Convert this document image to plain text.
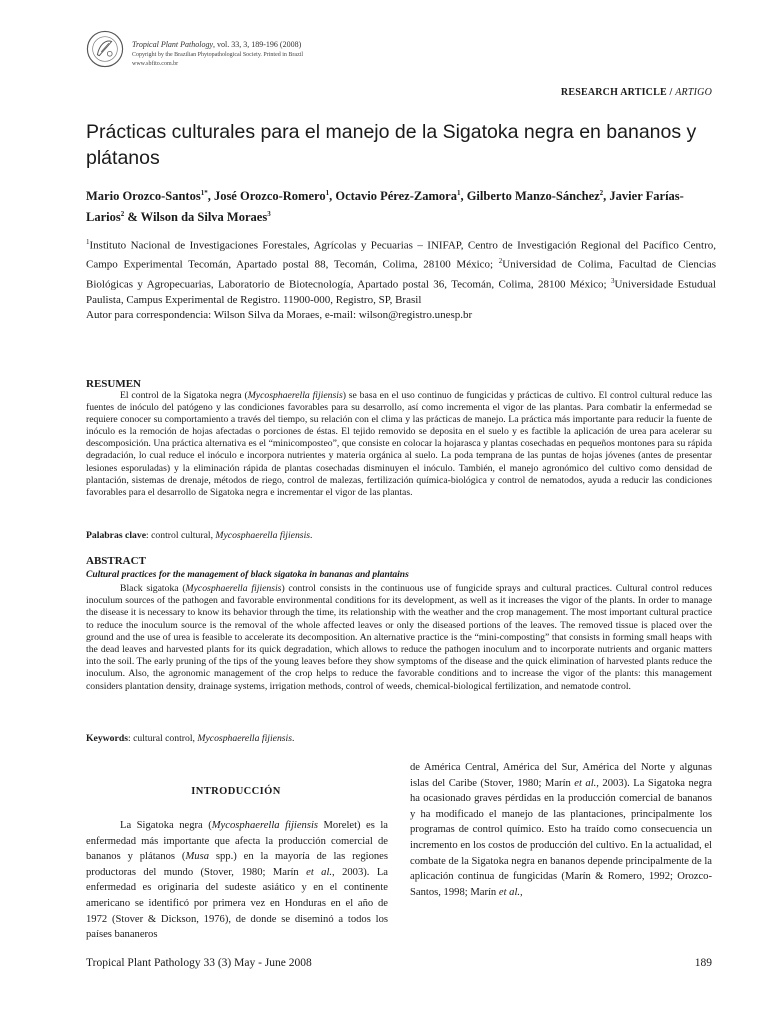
Tropical Plant Pathology, vol. 33, 3, 189-196 (2008)
Copyright by the Brazilian Phytopathological Society. Printed in Brazil
www.sbfito.com.br
RESEARCH ARTICLE / ARTIGO
Prácticas culturales para el manejo de la Sigatoka negra en bananos y plátanos
Mario Orozco-Santos$^{1*}$, José Orozco-Romero$^1$, Octavio Pérez-Zamora$^1$, Gilberto Manzo-Sánchez$^2$, Javier Farías-Larios$^2$ & Wilson da Silva Moraes$^3$
$^1$Instituto Nacional de Investigaciones Forestales, Agrícolas y Pecuarias – INIFAP, Centro de Investigación Regional del Pacífico Centro, Campo Experimental Tecomán, Apartado postal 88, Tecomán, Colima, 28100 México; $^2$Universidad de Colima, Facultad de Ciencias Biológicas y Agropecuarias, Laboratorio de Biotecnología, Apartado postal 36, Tecomán, Colima, 28100 México; $^3$Universidade Estudual Paulista, Campus Experimental de Registro. 11900-000, Registro, SP, Brasil
Autor para correspondencia: Wilson Silva da Moraes, e-mail: wilson@registro.unesp.br
RESUMEN

El control de la Sigatoka negra (Mycosphaerella fijiensis) se basa en el uso continuo de fungicidas y prácticas de cultivo. El control cultural reduce las fuentes de inóculo del patógeno y las condiciones favorables para su desarrollo, así como incrementa el vigor de las plantas. Para combatir la enfermedad se requiere conocer su comportamiento a través del tiempo, su relación con el clima y las prácticas de manejo. La práctica más importante para reducir la fuente de inóculo es la remoción de hojas afectadas o porciones de éstas. El tejido removido se deposita en el suelo y es factible la aplicación de urea para acelerar su descomposición. Una práctica alternativa es el “minicomposteo”, que consiste en colocar la hojarasca y plantas cosechadas en pequeños montones para su rápida degradación, lo cual reduce el inóculo e incorpora nutrientes y materia orgánica al suelo. La poda temprana de las puntas de hojas jóvenes (antes de presentar lesiones esporuladas) y la eliminación rápida de plantas cosechadas disminuyen el inóculo. También, el manejo agronómico del cultivo como densidad de plantación, sistemas de drenaje, métodos de riego, control de malezas, fertilización química-biológica y control de nematodos, ayuda a reducir las condiciones favorables para el desarrollo de Sigatoka negra e incrementar el vigor de las plantas.

Palabras clave: control cultural, Mycosphaerella fijiensis.
ABSTRACT
Cultural practices for the management of black sigatoka in bananas and plantains

Black sigatoka (Mycosphaerella fijiensis) control consists in the continuous use of fungicide sprays and cultural practices. Cultural control reduces inoculum sources of the pathogen and favorable environmental conditions for its development, as well as it increases the vigor of the plants. In order to manage the disease it is necessary to know its behavior through the time, its relationship with the weather and the crop management. The most important cultural practice to reduce the inoculum source is the removal of the whole affected leaves or only the diseased portions of the leaves. The removed tissue is placed over the ground and the use of urea is feasible to accelerate its decomposition. An alternative practice is the “mini-composting” that consists in forming small heaps with the dead leaves and harvested plants for its quick degradation, which allows to reduce the pathogen inoculum and to incorporate nutrients and organic matters into the soil. The early pruning of the tips of the young leaves before they show symptoms of the disease and the quick elimination of harvested plants reduce the inoculum. Also, the agronomic management of the crop helps to reduce the favorable conditions and to increase the vigor of the plants: this management considers plantation density, drainage systems, irrigation methods, control of weeds, chemical-biological fertilization, and nematode control.

Keywords: cultural control, Mycosphaerella fijiensis.
INTRODUCCIÓN

La Sigatoka negra (Mycosphaerella fijiensis Morelet) es la enfermedad más importante que afecta la producción comercial de bananos y plátanos (Musa spp.) en la mayoría de las regiones productoras del mundo (Stover, 1980; Marín et al., 2003). La enfermedad es originaria del sudeste asiático y en el continente americano se identificó por primera vez en Honduras en el año de 1972 (Stover & Dickson, 1976), de donde se diseminó a todos los países bananeros

de América Central, América del Sur, América del Norte y algunas islas del Caribe (Stover, 1980; Marín et al., 2003). La Sigatoka negra ha ocasionado graves pérdidas en la producción comercial de bananos y ha modificado el manejo de las plantaciones, principalmente los programas de control químico. Esto ha traído como consecuencia un incremento en los costos de producción del cultivo. En la actualidad, el combate de la Sigatoka negra en bananos depende principalmente de la aplicación continua de fungicidas (Marín & Romero, 1992; Orozco-Santos, 1998; Marín et al.,

Tropical Plant Pathology 33 (3) May - June 2008	189
